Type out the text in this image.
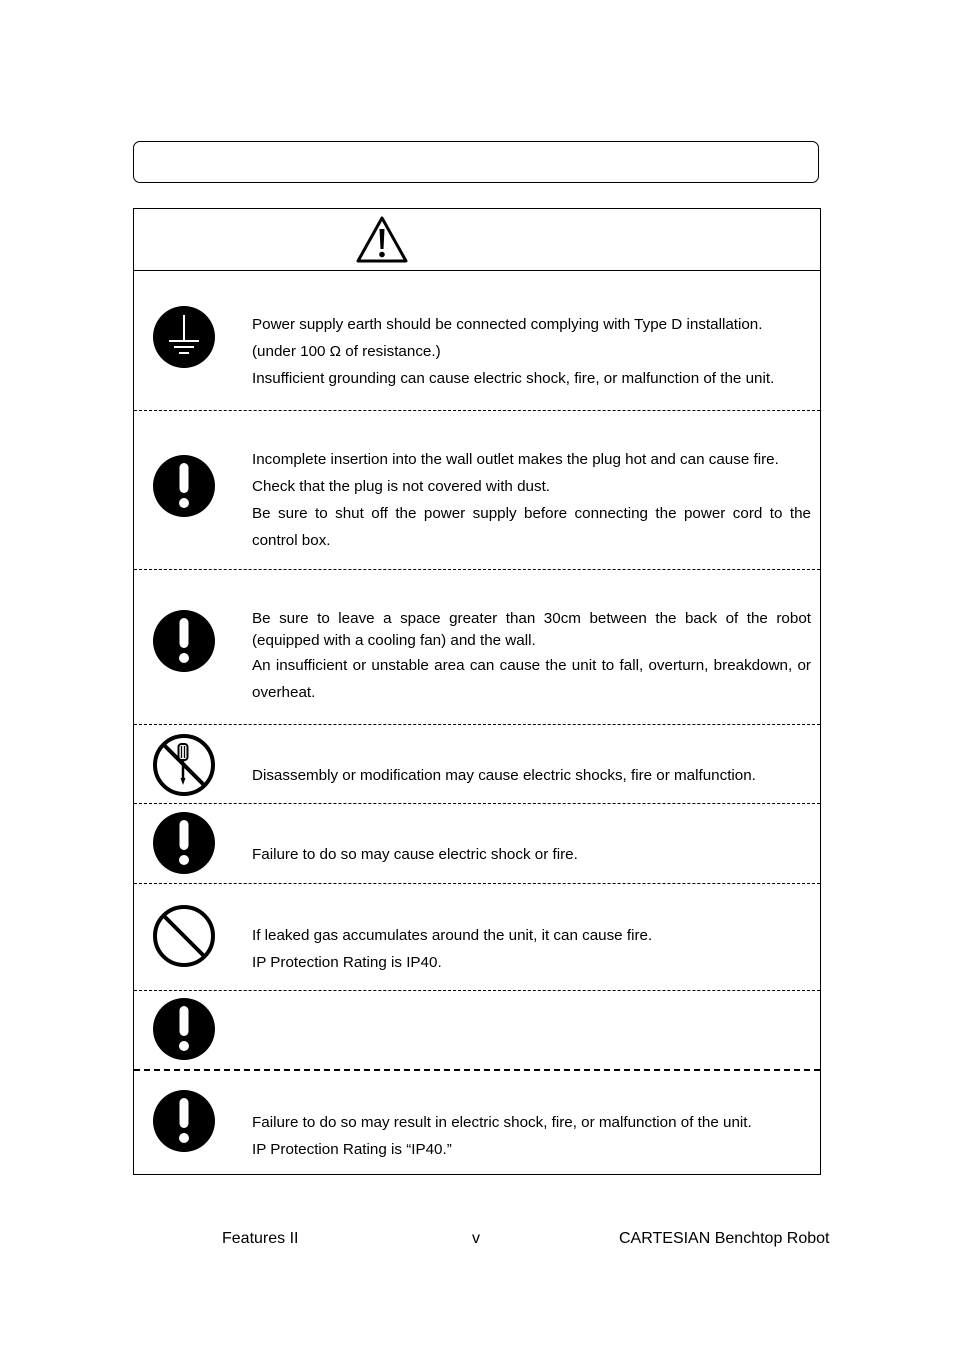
Power supply earth should be connected complying with Type D installation.

(under 100 Ω of resistance.)

Insufficient grounding can cause electric shock, fire, or malfunction of the unit.

Incomplete insertion into the wall outlet makes the plug hot and can cause fire.

Check that the plug is not covered with dust.

Be sure to shut off the power supply before connecting the power cord to the control box.

Be sure to leave a space greater than 30cm between the back of the robot (equipped with a cooling fan) and the wall.

An insufficient or unstable area can cause the unit to fall, overturn, breakdown, or overheat.

Disassembly or modification may cause electric shocks, fire or malfunction.

Failure to do so may cause electric shock or fire.

If leaked gas accumulates around the unit, it can cause fire.

IP Protection Rating is IP40.

Failure to do so may result in electric shock, fire, or malfunction of the unit.

IP Protection Rating is “IP40.”

Features II	v	CARTESIAN Benchtop Robot
